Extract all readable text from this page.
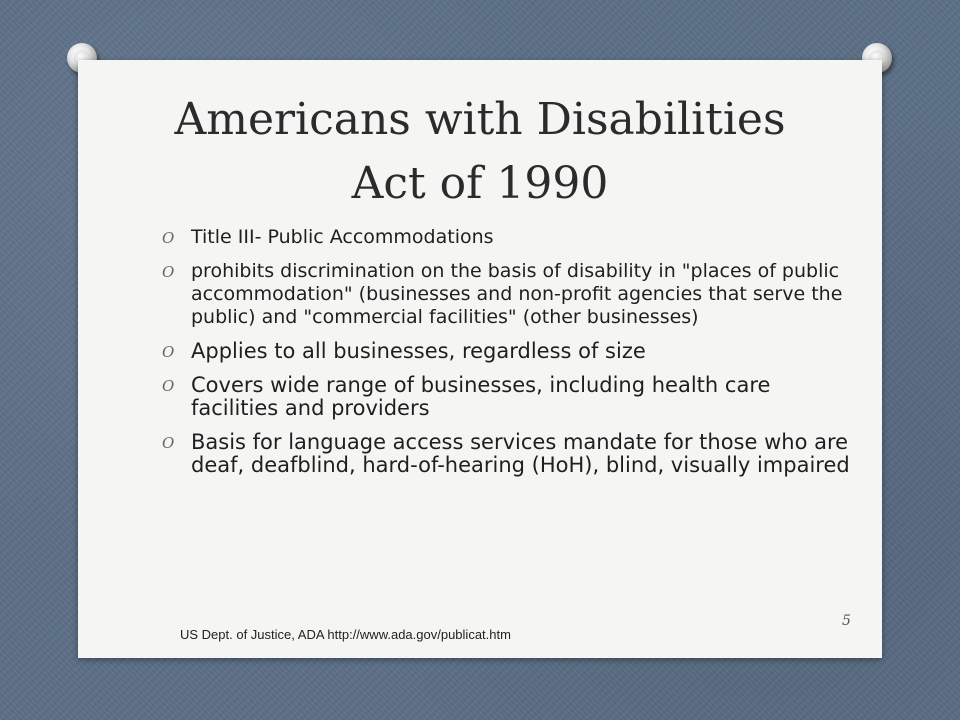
Americans with Disabilities
Act of 1990
O Title III- Public Accommodations
O prohibits discrimination on the basis of disability in "places of public accommodation" (businesses and non-profit agencies that serve the public) and "commercial facilities" (other businesses)
O Applies to all businesses, regardless of size
O Covers wide range of businesses, including health care facilities and providers
O Basis for language access services mandate for those who are deaf, deafblind, hard-of-hearing (HoH), blind, visually impaired
US Dept. of Justice, ADA http://www.ada.gov/publicat.htm
5
